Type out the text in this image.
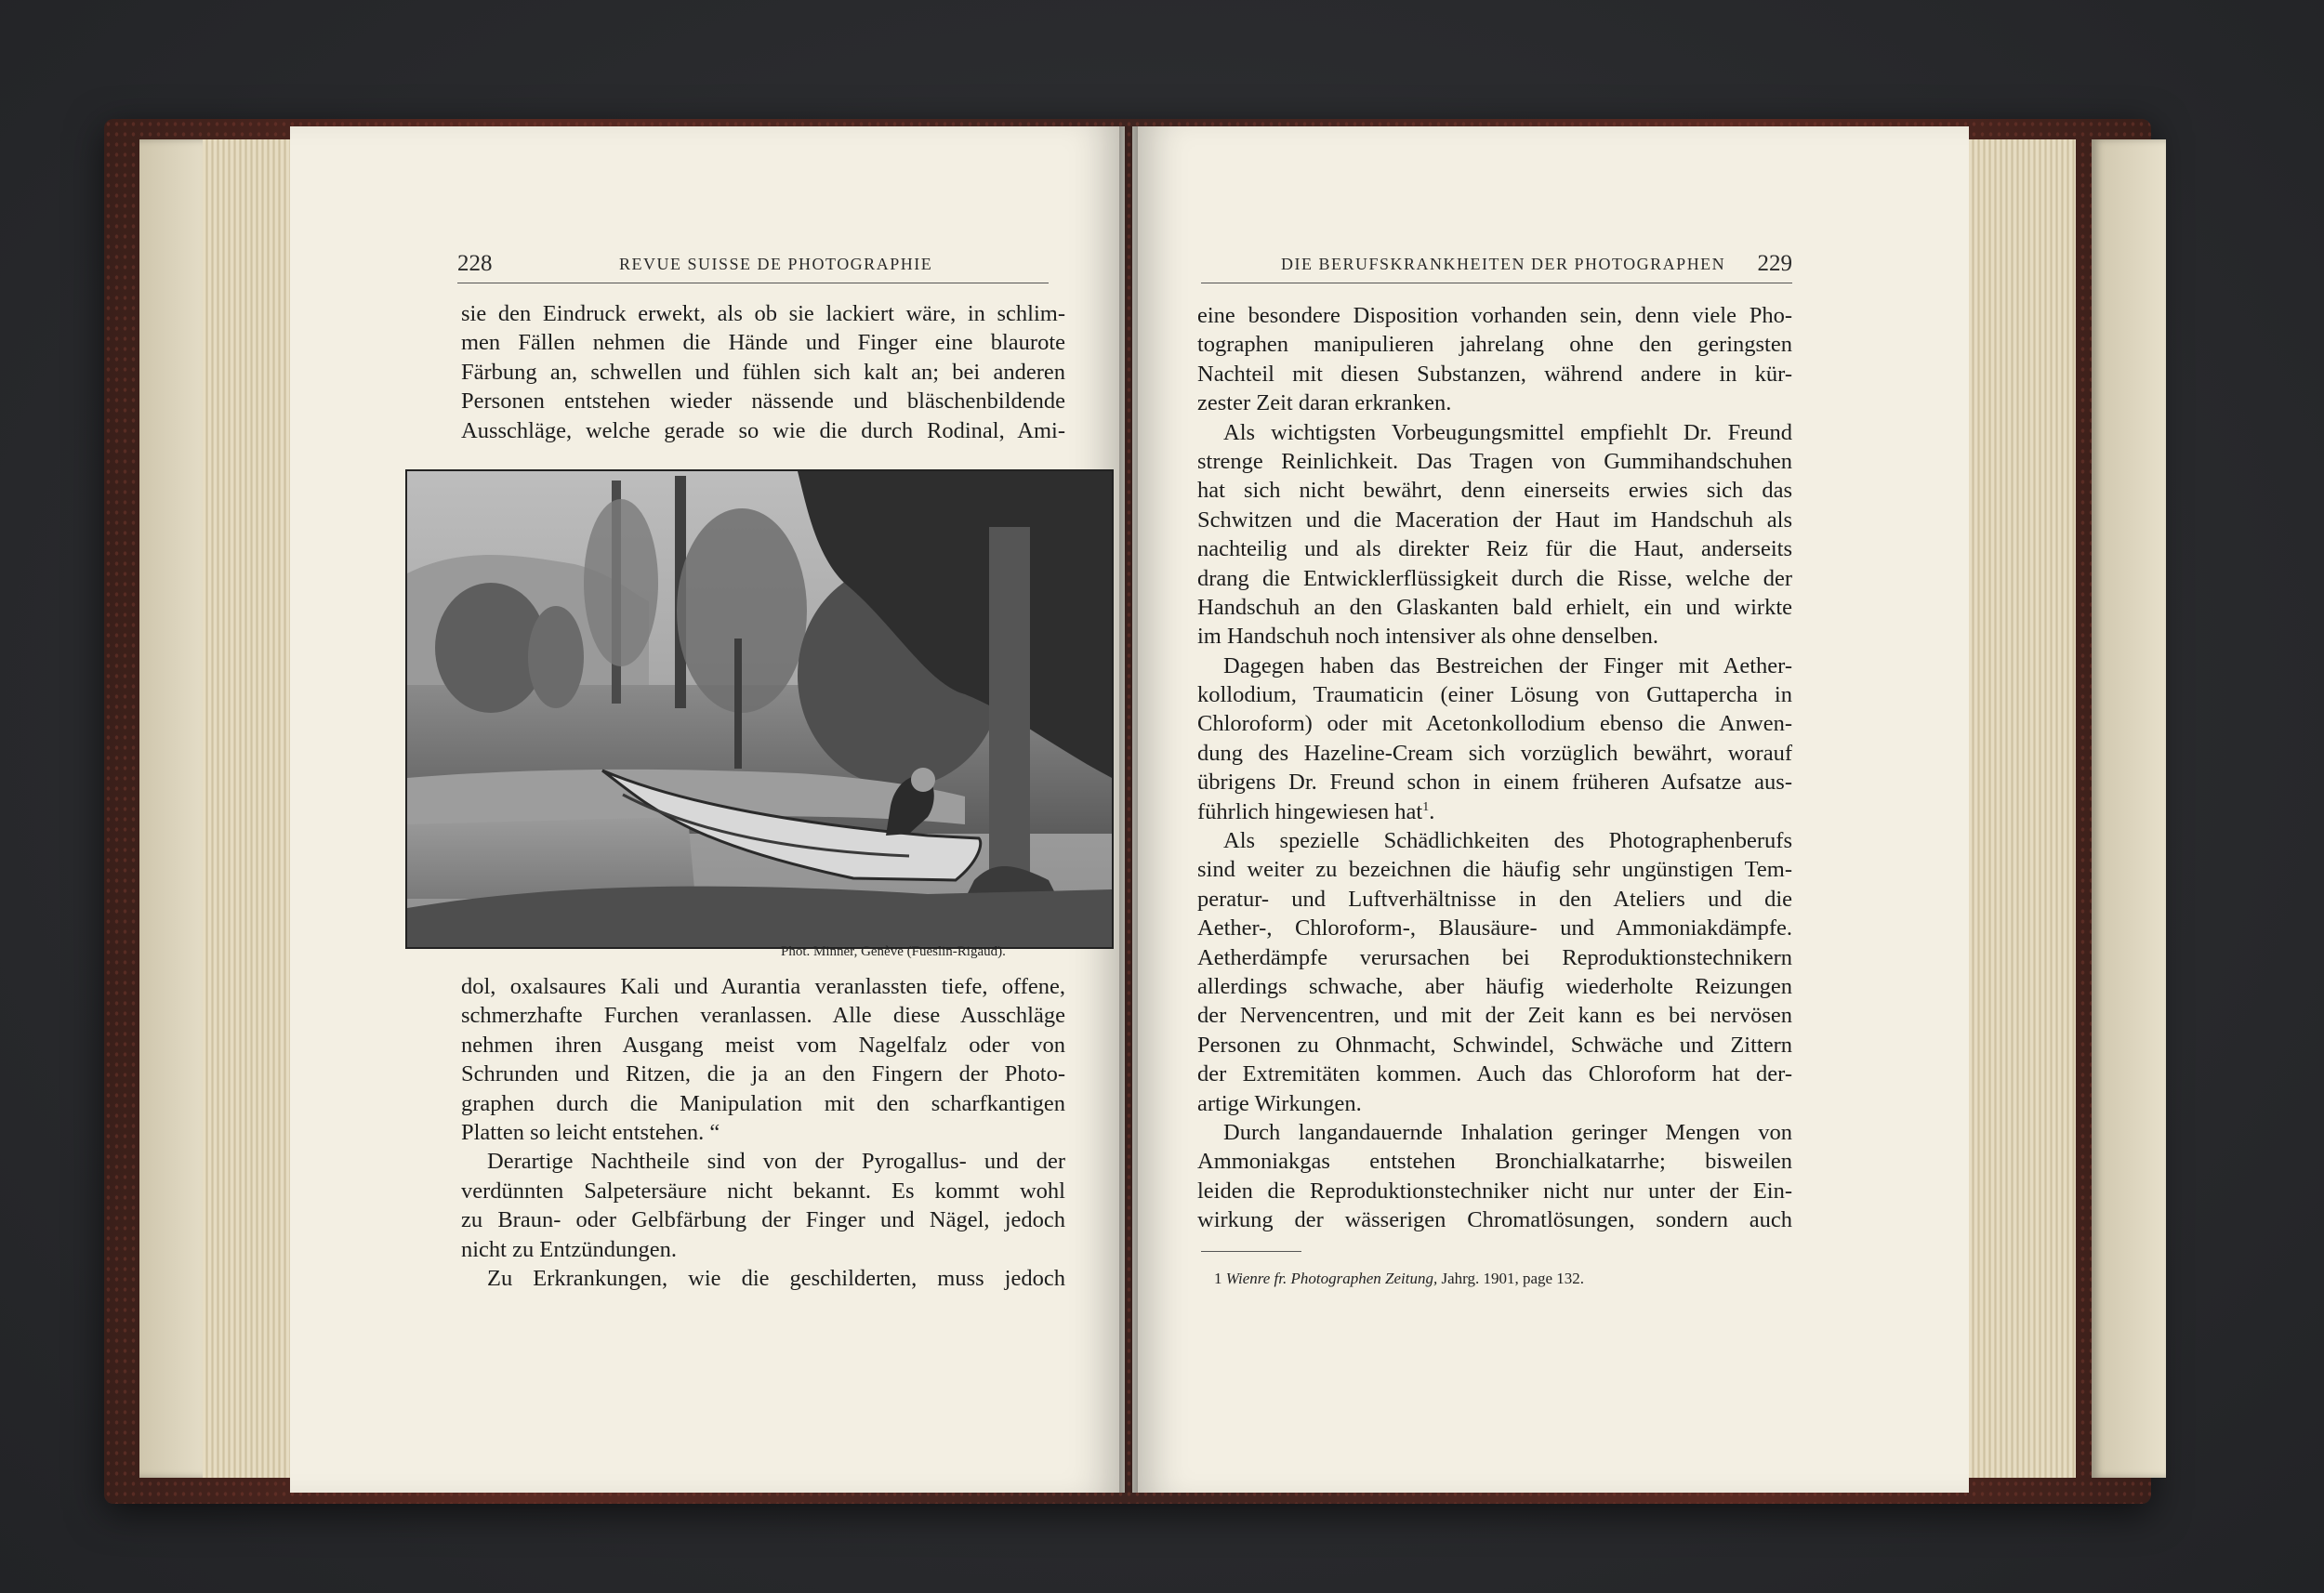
228	REVUE SUISSE DE PHOTOGRAPHIE
sie den Eindruck erwekt, als ob sie lackiert wäre, in schlim-
men Fällen nehmen die Hände und Finger eine blaurote
Färbung an, schwellen und fühlen sich kalt an; bei anderen
Personen entstehen wieder nässende und bläschenbildende
Ausschläge, welche gerade so wie die durch Rodinal, Ami-
Phot. Minner, Genève (Fueslin-Rigaud).
dol, oxalsaures Kali und Aurantia veranlassten tiefe, offene,
schmerzhafte Furchen veranlassen. Alle diese Ausschläge
nehmen ihren Ausgang meist vom Nagelfalz oder von
Schrunden und Ritzen, die ja an den Fingern der Photo-
graphen durch die Manipulation mit den scharfkantigen
Platten so leicht entstehen. “
Derartige Nachtheile sind von der Pyrogallus- und der
verdünnten Salpetersäure nicht bekannt. Es kommt wohl
zu Braun- oder Gelbfärbung der Finger und Nägel, jedoch
nicht zu Entzündungen.
Zu Erkrankungen, wie die geschilderten, muss jedoch
DIE BERUFSKRANKHEITEN DER PHOTOGRAPHEN 229
eine besondere Disposition vorhanden sein, denn viele Pho-
tographen manipulieren jahrelang ohne den geringsten
Nachteil mit diesen Substanzen, während andere in kür-
zester Zeit daran erkranken.
Als wichtigsten Vorbeugungsmittel empfiehlt Dr. Freund
strenge Reinlichkeit. Das Tragen von Gummihandschuhen
hat sich nicht bewährt, denn einerseits erwies sich das
Schwitzen und die Maceration der Haut im Handschuh als
nachteilig und als direkter Reiz für die Haut, anderseits
drang die Entwicklerflüssigkeit durch die Risse, welche der
Handschuh an den Glaskanten bald erhielt, ein und wirkte
im Handschuh noch intensiver als ohne denselben.
Dagegen haben das Bestreichen der Finger mit Aether-
kollodium, Traumaticin (einer Lösung von Guttapercha in
Chloroform) oder mit Acetonkollodium ebenso die Anwen-
dung des Hazeline-Cream sich vorzüglich bewährt, worauf
übrigens Dr. Freund schon in einem früheren Aufsatze aus-
führlich hingewiesen hat$^1$.
Als spezielle Schädlichkeiten des Photographenberufs
sind weiter zu bezeichnen die häufig sehr ungünstigen Tem-
peratur- und Luftverhältnisse in den Ateliers und die
Aether-, Chloroform-, Blausäure- und Ammoniakdämpfe.
Aetherdämpfe verursachen bei Reproduktionstechnikern
allerdings schwache, aber häufig wiederholte Reizungen
der Nervencentren, und mit der Zeit kann es bei nervösen
Personen zu Ohnmacht, Schwindel, Schwäche und Zittern
der Extremitäten kommen. Auch das Chloroform hat der-
artige Wirkungen.
Durch langandauernde Inhalation geringer Mengen von
Ammoniakgas entstehen Bronchialkatarrhe; bisweilen
leiden die Reproduktionstechniker nicht nur unter der Ein-
wirkung der wässerigen Chromatlösungen, sondern auch
1 Wienre fr. Photographen Zeitung, Jahrg. 1901, page 132.
